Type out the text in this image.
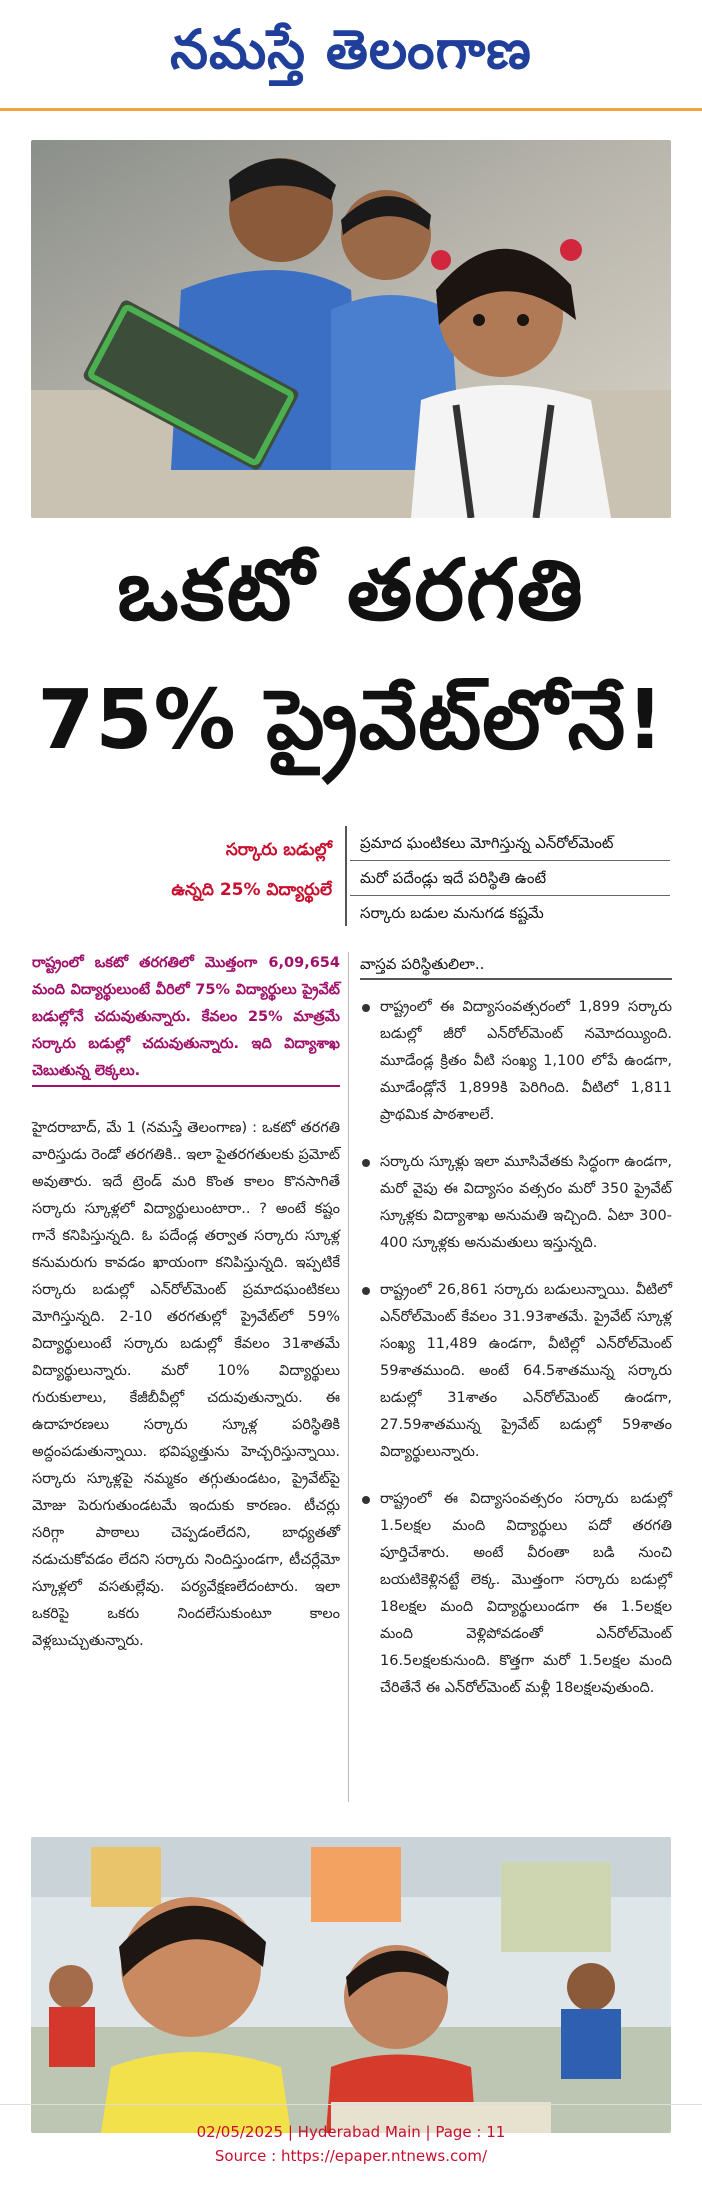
నమస్తే తెలంగాణ
ఒకటో తరగతి
75% ప్రైవేట్‌లోనే!
సర్కారు బడుల్లో
ఉన్నది 25% విద్యార్థులే
ప్రమాద ఘంటికలు మోగిస్తున్న ఎన్‌రోల్‌మెంట్
మరో పదేండ్లు ఇదే పరిస్థితి ఉంటే
సర్కారు బడుల మనుగడ కష్టమే

రాష్ట్రంలో ఒకటో తరగతిలో మొత్తంగా 6,09,654 మంది విద్యార్థులుంటే వీరిలో 75% విద్యార్థులు ప్రైవేట్ బడుల్లోనే చదువుతున్నారు. కేవలం 25% మాత్రమే సర్కారు బడుల్లో చదువుతున్నారు. ఇది విద్యాశాఖ చెబుతున్న లెక్కలు.

హైదరాబాద్, మే 1 (నమస్తే తెలంగాణ) : ఒకటో తరగతి వారిస్తుడు రెండో తరగతికి.. ఇలా పైతరగతులకు ప్రమోట్ అవుతారు. ఇదే ట్రెండ్ మరి కొంత కాలం కొనసాగితే సర్కారు స్కూళ్లలో విద్యార్థులుంటారా.. ? అంటే కష్టం గానే కనిపిస్తున్నది. ఓ పదేండ్ల తర్వాత సర్కారు స్కూళ్ల కనుమరుగు కావడం ఖాయంగా కనిపిస్తున్నది. ఇప్పటికే సర్కారు బడుల్లో ఎన్‌రోల్‌మెంట్ ప్రమాదఘంటికలు మోగిస్తున్నది. 2-10 తరగతుల్లో ప్రైవేట్‌లో 59% విద్యార్థులుంటే సర్కారు బడుల్లో కేవలం 31శాతమే విద్యార్థులున్నారు. మరో 10% విద్యార్థులు గురుకులాలు, కేజీబీవీల్లో చదువుతున్నారు. ఈ ఉదాహరణలు సర్కారు స్కూళ్ల పరిస్థితికి అద్దంపడుతున్నాయి. భవిష్యత్తును హెచ్చరిస్తున్నాయి. సర్కారు స్కూళ్లపై నమ్మకం తగ్గుతుండటం, ప్రైవేట్‌పై మోజు పెరుగుతుండటమే ఇందుకు కారణం. టీచర్లు సరిగ్గా పాఠాలు చెప్పడంలేదని, బాధ్యతతో నడుచుకోవడం లేదని సర్కారు నిందిస్తుండగా, టీచర్లేమో స్కూళ్లలో వసతుల్లేవు. పర్యవేక్షణలేదంటారు. ఇలా ఒకరిపై ఒకరు నిందలేసుకుంటూ కాలం వెళ్లబుచ్చుతున్నారు.

వాస్తవ పరిస్థితులిలా..
రాష్ట్రంలో ఈ విద్యాసంవత్సరంలో 1,899 సర్కారు బడుల్లో జీరో ఎన్‌రోల్‌మెంట్ నమోదయ్యింది. మూడేండ్ల క్రితం వీటి సంఖ్య 1,100 లోపే ఉండగా, మూడేండ్లోనే 1,899కి పెరిగింది. వీటిలో 1,811 ప్రాథమిక పాఠశాలలే.
సర్కారు స్కూళ్లు ఇలా మూసివేతకు సిద్ధంగా ఉండగా, మరో వైపు ఈ విద్యాసం వత్సరం మరో 350 ప్రైవేట్ స్కూళ్లకు విద్యాశాఖ అనుమతి ఇచ్చింది. ఏటా 300-400 స్కూళ్లకు అనుమతులు ఇస్తున్నది.
రాష్ట్రంలో 26,861 సర్కారు బడులున్నాయి. వీటిలో ఎన్‌రోల్‌మెంట్ కేవలం 31.93శాతమే. ప్రైవేట్ స్కూళ్ల సంఖ్య 11,489 ఉండగా, వీటిల్లో ఎన్‌రోల్‌మెంట్ 59శాతముంది. అంటే 64.5శాతమున్న సర్కారు బడుల్లో 31శాతం ఎన్‌రోల్‌మెంట్ ఉండగా, 27.59శాతమున్న ప్రైవేట్ బడుల్లో 59శాతం విద్యార్థులున్నారు.
రాష్ట్రంలో ఈ విద్యాసంవత్సరం సర్కారు బడుల్లో 1.5లక్షల మంది విద్యార్థులు పదో తరగతి పూర్తిచేశారు. అంటే వీరంతా బడి నుంచి బయటికెళ్లినట్టే లెక్క. మొత్తంగా సర్కారు బడుల్లో 18లక్షల మంది విద్యార్థులుండగా ఈ 1.5లక్షల మంది వెళ్లిపోవడంతో ఎన్‌రోల్‌మెంట్ 16.5లక్షలకునుంది. కొత్తగా మరో 1.5లక్షల మంది చేరితేనే ఈ ఎన్‌రోల్‌మెంట్ మళ్లీ 18లక్షలవుతుంది.
02/05/2025 | Hyderabad Main | Page : 11
Source : https://epaper.ntnews.com/
